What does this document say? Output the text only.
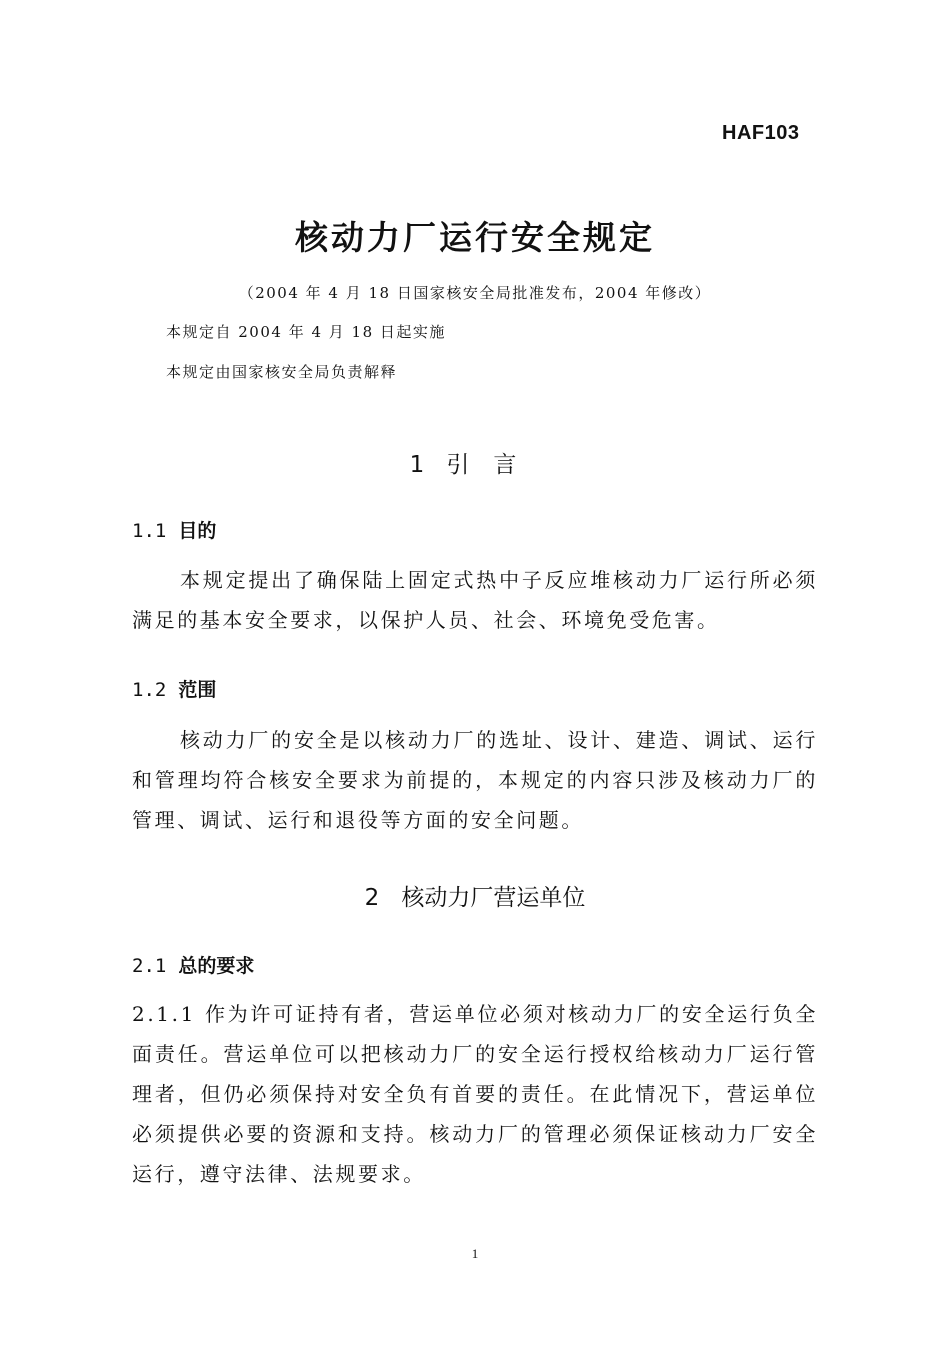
HAF103
核动力厂运行安全规定
（2004 年 4 月 18 日国家核安全局批准发布，2004 年修改）
本规定自 2004 年 4 月 18 日起实施
本规定由国家核安全局负责解释
1 引言
1.1 目的

本规定提出了确保陆上固定式热中子反应堆核动力厂运行所必须满足的基本安全要求，以保护人员、社会、环境免受危害。

1.2 范围

核动力厂的安全是以核动力厂的选址、设计、建造、调试、运行和管理均符合核安全要求为前提的，本规定的内容只涉及核动力厂的管理、调试、运行和退役等方面的安全问题。

2 核动力厂营运单位
2.1 总的要求

2.1.1 作为许可证持有者，营运单位必须对核动力厂的安全运行负全面责任。营运单位可以把核动力厂的安全运行授权给核动力厂运行管理者，但仍必须保持对安全负有首要的责任。在此情况下，营运单位必须提供必要的资源和支持。核动力厂的管理必须保证核动力厂安全运行，遵守法律、法规要求。

1
